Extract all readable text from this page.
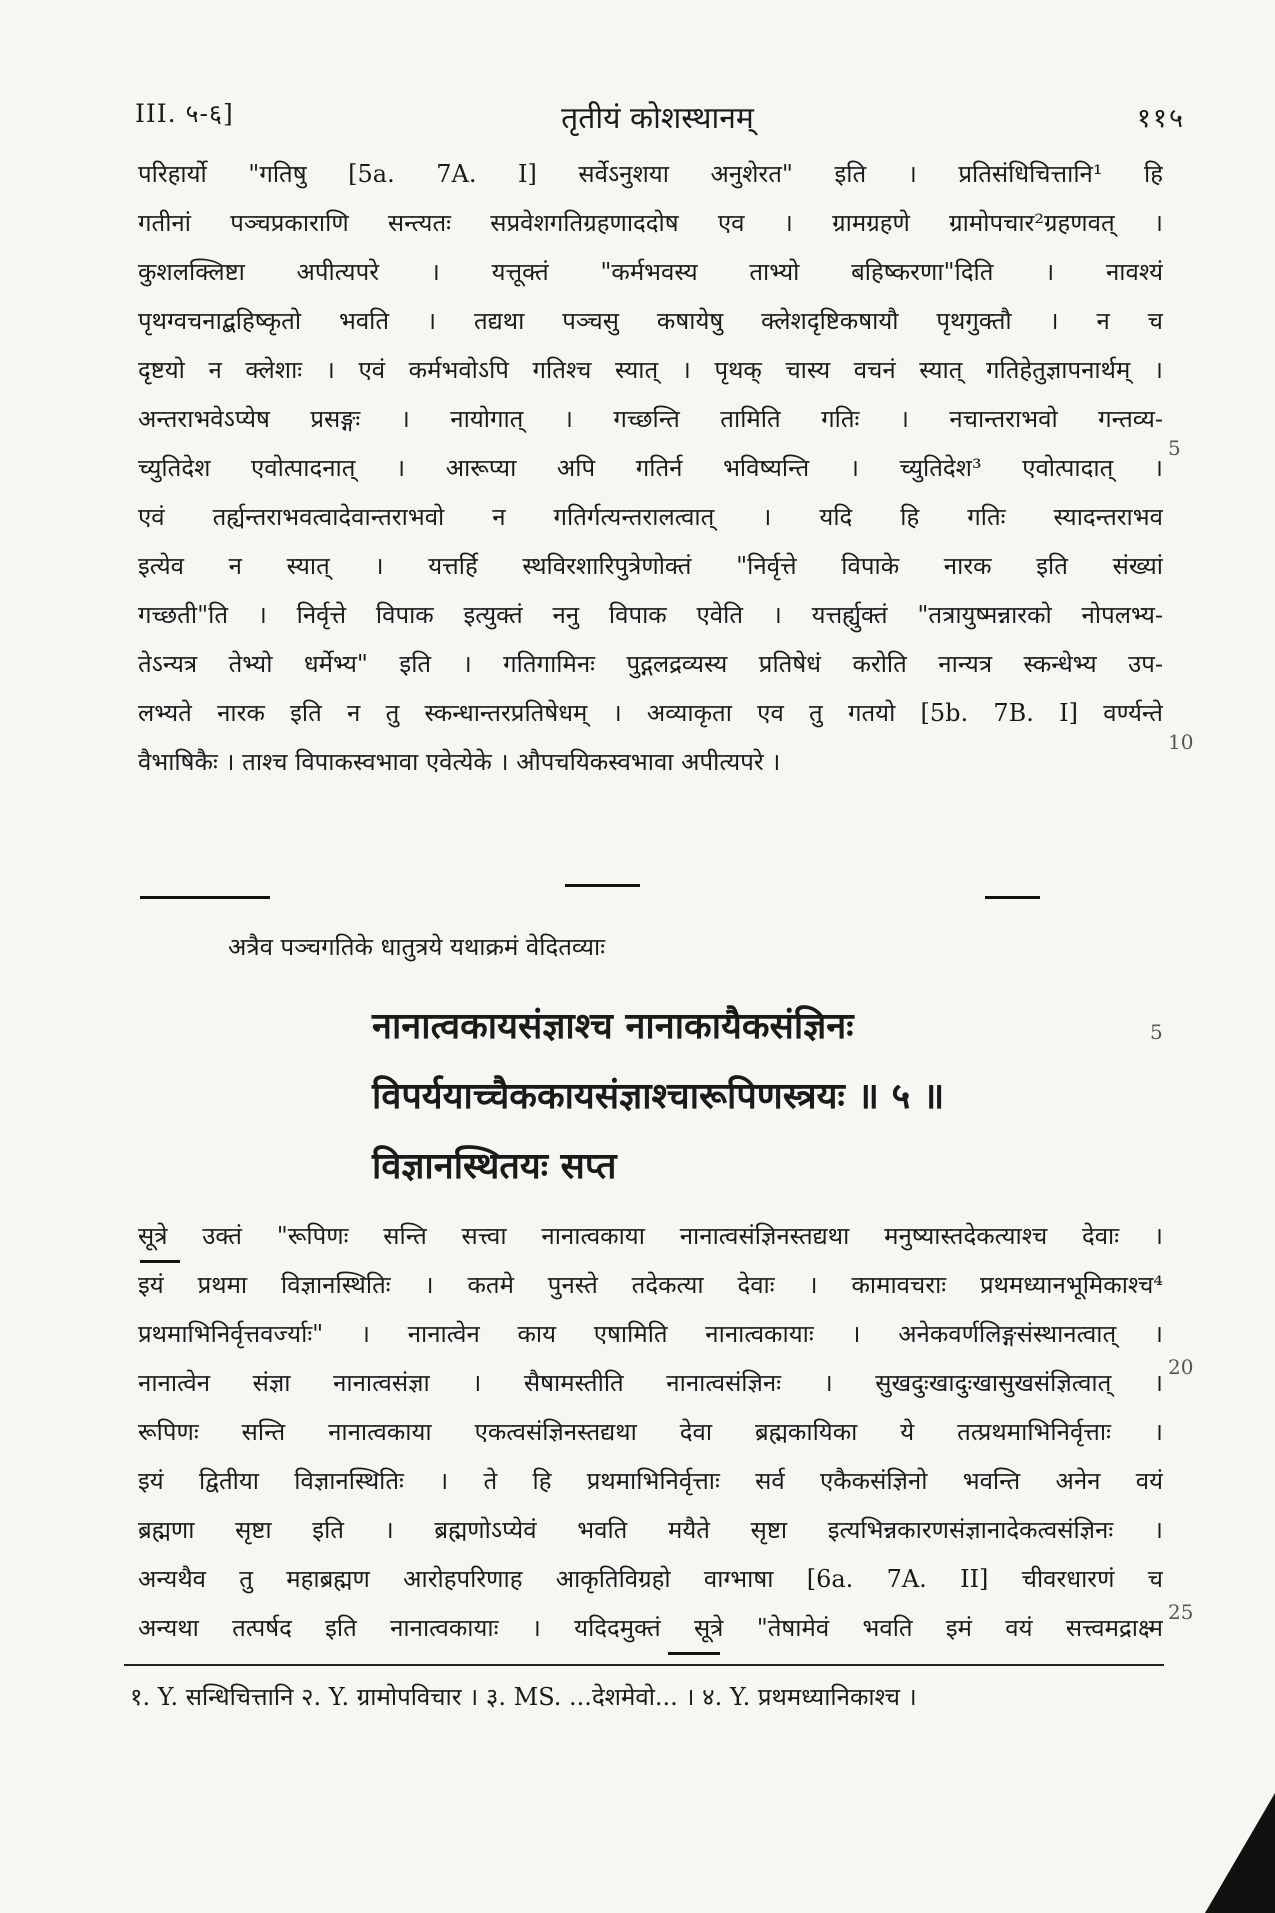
III. ५-६]	तृतीयं कोशस्थानम्	११५
परिहार्यो "गतिषु [5a. 7A. I] सर्वेऽनुशया अनुशेरत" इति । प्रतिसंधिचित्तानि¹ हि
गतीनां पञ्चप्रकाराणि सन्त्यतः सप्रवेशगतिग्रहणाददोष एव । ग्रामग्रहणे ग्रामोपचार²ग्रहणवत् ।
कुशलक्लिष्टा अपीत्यपरे । यत्तूक्तं "कर्मभवस्य ताभ्यो बहिष्करणा"दिति । नावश्यं
पृथग्वचनाद्बहिष्कृतो भवति । तद्यथा पञ्चसु कषायेषु क्लेशदृष्टिकषायौ पृथगुक्तौ । न च
दृष्टयो न क्लेशाः । एवं कर्मभवोऽपि गतिश्च स्यात् । पृथक् चास्य वचनं स्यात् गतिहेतुज्ञापनार्थम् ।
अन्तराभवेऽप्येष प्रसङ्गः । नायोगात् । गच्छन्ति तामिति गतिः । नचान्तराभवो गन्तव्य-
च्युतिदेश एवोत्पादनात् । आरूप्या अपि गतिर्न भविष्यन्ति । च्युतिदेश³ एवोत्पादात् ।
एवं तर्ह्यन्तराभवत्वादेवान्तराभवो न गतिर्गत्यन्तरालत्वात् । यदि हि गतिः स्यादन्तराभव
इत्येव न स्यात् । यत्तर्हि स्थविरशारिपुत्रेणोक्तं "निर्वृत्ते विपाके नारक इति संख्यां
गच्छती"ति । निर्वृत्ते विपाक इत्युक्तं ननु विपाक एवेति । यत्तर्ह्युक्तं "तत्रायुष्मन्नारको नोपलभ्य-
तेऽन्यत्र तेभ्यो धर्मेभ्य" इति । गतिगामिनः पुद्गलद्रव्यस्य प्रतिषेधं करोति नान्यत्र स्कन्धेभ्य उप-
लभ्यते नारक इति न तु स्कन्धान्तरप्रतिषेधम् । अव्याकृता एव तु गतयो [5b. 7B. I] वर्ण्यन्ते
वैभाषिकैः । ताश्च विपाकस्वभावा एवेत्येके । औपचयिकस्वभावा अपीत्यपरे ।
अत्रैव पञ्चगतिके धातुत्रये यथाक्रमं वेदितव्याः
नानात्वकायसंज्ञाश्च नानाकायैकसंज्ञिनः
विपर्ययाच्चैककायसंज्ञाश्चारूपिणस्त्रयः ॥ ५ ॥
विज्ञानस्थितयः सप्त
सूत्रे उक्तं "रूपिणः सन्ति सत्त्वा नानात्वकाया नानात्वसंज्ञिनस्तद्यथा मनुष्यास्तदेकत्याश्च देवाः ।
इयं प्रथमा विज्ञानस्थितिः । कतमे पुनस्ते तदेकत्या देवाः । कामावचराः प्रथमध्यानभूमिकाश्च⁴
प्रथमाभिनिर्वृत्तवर्ज्याः" । नानात्वेन काय एषामिति नानात्वकायाः । अनेकवर्णलिङ्गसंस्थानत्वात् ।
नानात्वेन संज्ञा नानात्वसंज्ञा । सैषामस्तीति नानात्वसंज्ञिनः । सुखदुःखादुःखासुखसंज्ञित्वात् ।
रूपिणः सन्ति नानात्वकाया एकत्वसंज्ञिनस्तद्यथा देवा ब्रह्मकायिका ये तत्प्रथमाभिनिर्वृत्ताः ।
इयं द्वितीया विज्ञानस्थितिः । ते हि प्रथमाभिनिर्वृत्ताः सर्व एकैकसंज्ञिनो भवन्ति अनेन वयं
ब्रह्मणा सृष्टा इति । ब्रह्मणोऽप्येवं भवति मयैते सृष्टा इत्यभिन्नकारणसंज्ञानादेकत्वसंज्ञिनः ।
अन्यथैव तु महाब्रह्मण आरोहपरिणाह आकृतिविग्रहो वाग्भाषा [6a. 7A. II] चीवरधारणं च
अन्यथा तत्पर्षद इति नानात्वकायाः । यदिदमुक्तं सूत्रे "तेषामेवं भवति इमं वयं सत्त्वमद्राक्ष्म
5
10
5
20
25
१. Y. सन्धिचित्तानि २. Y. ग्रामोपविचार । ३. MS. ...देशमेवो... । ४. Y. प्रथमध्यानिकाश्च ।
